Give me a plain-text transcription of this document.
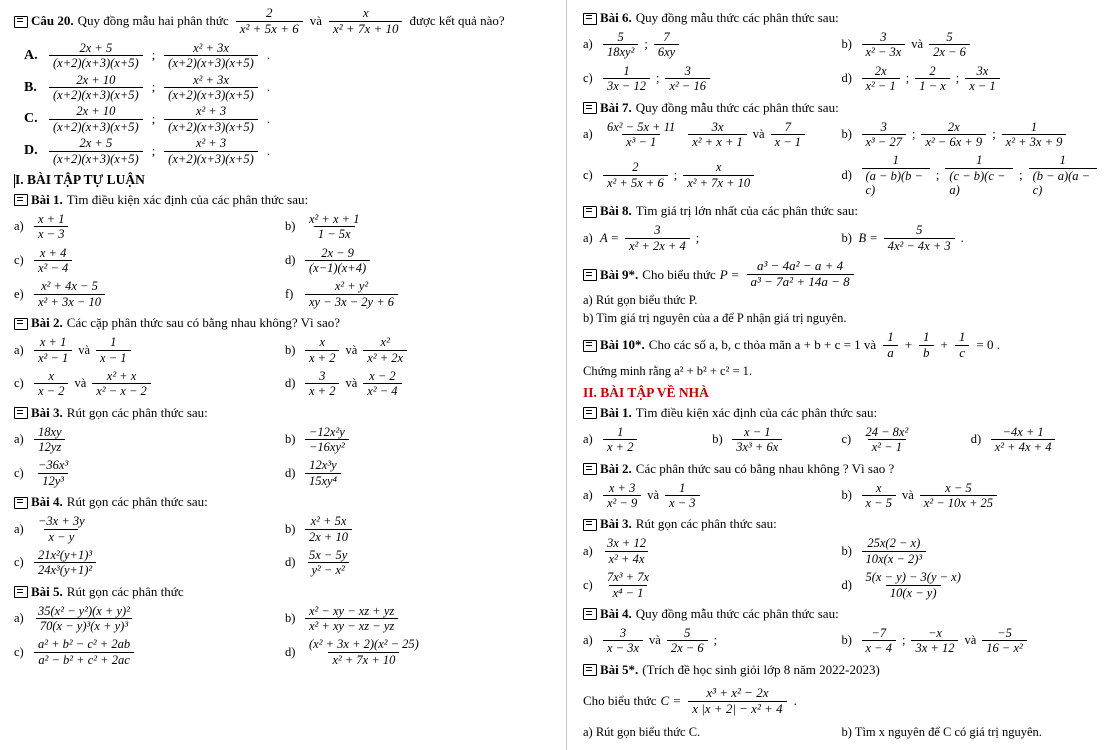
Câu 20. Quy đồng mẫu hai phân thức $\frac{2}{\text{x² + 5x + 6}}$ và $\frac{x}{\text{x² + 7x + 10}}$ được kết quả nào?
A. $\frac{2x + 5}{(x+2)(x+3)(x+5)}$ ; $\frac{\text{x² + 3x}}{(x+2)(x+3)(x+5)}$ .
B. $\frac{2x + 10}{(x+2)(x+3)(x+5)}$ ; $\frac{\text{x² + 3x}}{(x+2)(x+3)(x+5)}$ .
C. $\frac{2x + 10}{(x+2)(x+3)(x+5)}$ ; $\frac{\text{x² + 3}}{(x+2)(x+3)(x+5)}$ .
D. $\frac{2x + 5}{(x+2)(x+3)(x+5)}$ ; $\frac{\text{x² + 3}}{(x+2)(x+3)(x+5)}$ .
I. BÀI TẬP TỰ LUẬN
Bài 1. Tìm điều kiện xác định của các phân thức sau:
$a) \frac{x + 1}{x - 3}$	$b) \frac{\text{x² + x + 1}}{1 - 5x}$
$c) \frac{x + 4}{\text{x² − 4}}$	$d) \frac{2x - 9}{(x-1)(x+4)}$
$e) \frac{\text{x² + 4x − 5}}{\text{x² + 3x − 10}}$	$f) \frac{\text{x² + y²}}{xy - 3x - 2y + 6}$
Bài 2. Các cặp phân thức sau có bằng nhau không? Vì sao?
$a) \frac{x + 1}{\text{x² − 1}}$ và $\frac{1}{x - 1}$	$b) \frac{x}{x + 2}$ và $\frac{\text{x²}}{\text{x² + 2x}}$
$c) \frac{x}{x - 2}$ và $\frac{\text{x² + x}}{\text{x² − x − 2}}$	$d) \frac{3}{x + 2}$ và $\frac{x - 2}{\text{x² − 4}}$
Bài 3. Rút gọn các phân thức sau:
$a) \frac{18xy}{12yz}$	$b) \frac{\text{−12x²y}}{\text{−16xy²}}$
$c) \frac{\text{−36x³}}{\text{12y³}}$	$d) \frac{\text{12x³y}}{\text{15xy⁴}}$
Bài 4. Rút gọn các phân thức sau:
$a) \frac{-3x + 3y}{x - y}$	$b) \frac{\text{x² + 5x}}{2x + 10}$
$c) \frac{\text{21x²(y+1)³}}{\text{24x³(y+1)²}}$	$d) \frac{5x - 5y}{\text{y² − x²}}$
Bài 5. Rút gọn các phân thức
$a) \frac{\text{35(x² − y²)(x + y)²}}{\text{70(x − y)³(x + y)³}}$	$b) \frac{\text{x² − xy − xz + yz}}{\text{x² + xy − xz − yz}}$
$c) \frac{\text{a² + b² − c² + 2ab}}{\text{a² − b² + c² + 2ac}}$	$d) \frac{\text{(x² + 3x + 2)(x² − 25)}}{\text{x² + 7x + 10}}$
Bài 6. Quy đồng mẫu thức các phân thức sau:
$a) \frac{5}{\text{18xy²}}$ ; $\frac{7}{6xy}$	$b) \frac{3}{\text{x² − 3x}}$ và $\frac{5}{2x - 6}$
$c) \frac{1}{3x - 12}$ ; $\frac{3}{\text{x² − 16}}$	$d) \frac{2x}{\text{x² − 1}}$ ; $\frac{2}{1 - x}$ ; $\frac{3x}{x - 1}$
Bài 7. Quy đồng mẫu thức các phân thức sau:
$a) \frac{\text{6x² − 5x + 11}}{\text{x³ − 1}} \frac{3x}{\text{x² + x + 1}}$ và $\frac{7}{x - 1}$	$b) \frac{3}{\text{x³ − 27}}$ ; $\frac{2x}{\text{x² − 6x + 9}}$ ; $\frac{1}{\text{x² + 3x + 9}}$
$c) \frac{2}{\text{x² + 5x + 6}}$ ; $\frac{x}{\text{x² + 7x + 10}}$	$d) \frac{1}{(a - b)(b - c)}$ ; $\frac{1}{(c - b)(c - a)}$ ; $\frac{1}{(b - a)(a - c)}$
Bài 8. Tìm giá trị lớn nhất của các phân thức sau:
a) $A = \frac{3}{\text{x² + 2x + 4}}$ ;	b) $B = \frac{5}{\text{4x² − 4x + 3}}$ .
Bài 9*. Cho biểu thức $P = \frac{\text{a³ − 4a² − a + 4}}{\text{a³ − 7a² + 14a − 8}}$
a) Rút gọn biểu thức P.
b) Tìm giá trị nguyên của a để P nhận giá trị nguyên.
Bài 10*. Cho các số a, b, c thỏa mãn a + b + c = 1 và $\frac{1}{a} + \frac{1}{b} + \frac{1}{c} = 0$ .
Chứng minh rằng a² + b² + c² = 1.
II. BÀI TẬP VỀ NHÀ
Bài 1. Tìm điều kiện xác định của các phân thức sau:
$a) \frac{1}{x + 2}$	$b) \frac{x - 1}{\text{3x³ + 6x}}$	$c) \frac{\text{24 − 8x²}}{\text{x² − 1}}$	$d) \frac{-4x + 1}{\text{x² + 4x + 4}}$
Bài 2. Các phân thức sau có bằng nhau không ? Vì sao ?
$a) \frac{x + 3}{\text{x² − 9}}$ và $\frac{1}{x - 3}$	$b) \frac{x}{x - 5}$ và $\frac{x - 5}{\text{x² − 10x + 25}}$
Bài 3. Rút gọn các phân thức sau:
$a) \frac{3x + 12}{\text{x² + 4x}}$	$b) \frac{25x(2 - x)}{\text{10x(x − 2)³}}$
$c) \frac{\text{7x³ + 7x}}{\text{x⁴ − 1}}$	$d) \frac{5(x - y) - 3(y - x)}{10(x - y)}$
Bài 4. Quy đồng mẫu thức các phân thức sau:
$a) \frac{3}{x - 3x}$ và $\frac{5}{2x - 6}$ ;	$b) \frac{-7}{x - 4}$ ; $\frac{-x}{3x + 12}$ và $\frac{-5}{\text{16 − x²}}$
Bài 5*. (Trích đề học sinh giỏi lớp 8 năm 2022-2023)
Cho biểu thức $C = \frac{\text{x³ + x² − 2x}}{\text{x |x + 2| − x² + 4}}$ .
a) Rút gọn biểu thức C.	b) Tìm x nguyên để C có giá trị nguyên.
